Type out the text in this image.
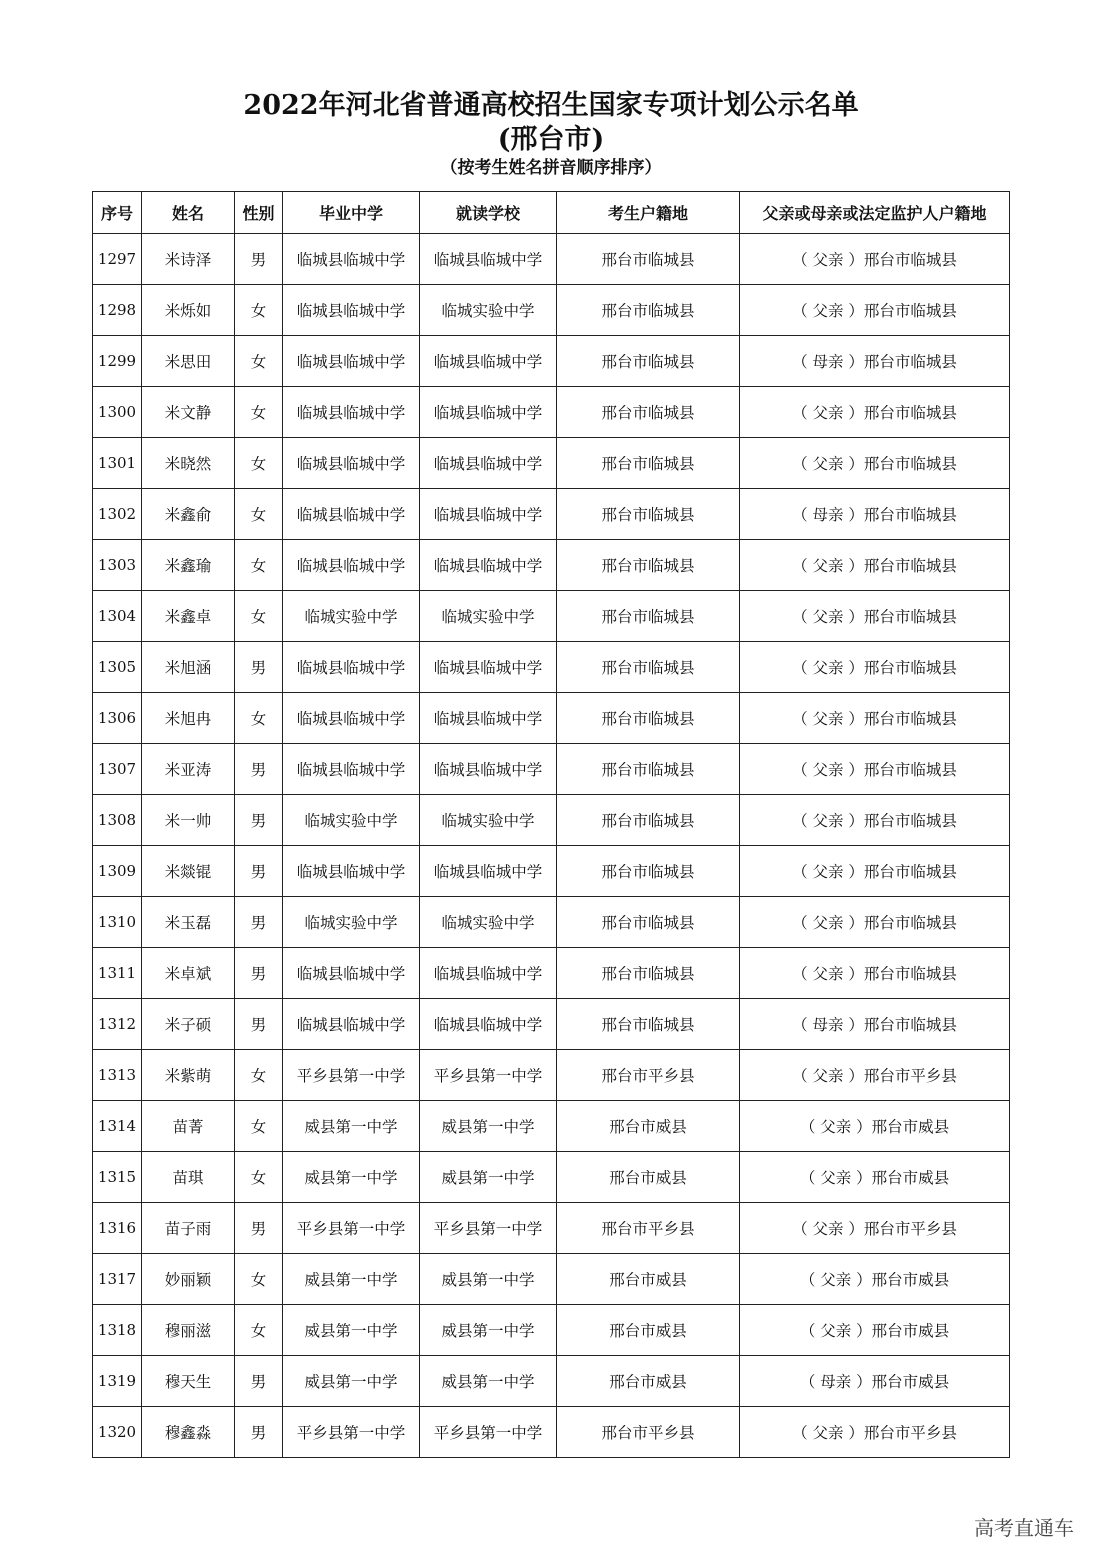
2022年河北省普通高校招生国家专项计划公示名单
(邢台市)
（按考生姓名拼音顺序排序）
序号	姓名	性别	毕业中学	就读学校	考生户籍地	父亲或母亲或法定监护人户籍地
1297	米诗泽	男	临城县临城中学	临城县临城中学	邢台市临城县	（ 父亲 ）邢台市临城县
1298	米烁如	女	临城县临城中学	临城实验中学	邢台市临城县	（ 父亲 ）邢台市临城县
1299	米思田	女	临城县临城中学	临城县临城中学	邢台市临城县	（ 母亲 ）邢台市临城县
1300	米文静	女	临城县临城中学	临城县临城中学	邢台市临城县	（ 父亲 ）邢台市临城县
1301	米晓然	女	临城县临城中学	临城县临城中学	邢台市临城县	（ 父亲 ）邢台市临城县
1302	米鑫俞	女	临城县临城中学	临城县临城中学	邢台市临城县	（ 母亲 ）邢台市临城县
1303	米鑫瑜	女	临城县临城中学	临城县临城中学	邢台市临城县	（ 父亲 ）邢台市临城县
1304	米鑫卓	女	临城实验中学	临城实验中学	邢台市临城县	（ 父亲 ）邢台市临城县
1305	米旭涵	男	临城县临城中学	临城县临城中学	邢台市临城县	（ 父亲 ）邢台市临城县
1306	米旭冉	女	临城县临城中学	临城县临城中学	邢台市临城县	（ 父亲 ）邢台市临城县
1307	米亚涛	男	临城县临城中学	临城县临城中学	邢台市临城县	（ 父亲 ）邢台市临城县
1308	米一帅	男	临城实验中学	临城实验中学	邢台市临城县	（ 父亲 ）邢台市临城县
1309	米燚锟	男	临城县临城中学	临城县临城中学	邢台市临城县	（ 父亲 ）邢台市临城县
1310	米玉磊	男	临城实验中学	临城实验中学	邢台市临城县	（ 父亲 ）邢台市临城县
1311	米卓斌	男	临城县临城中学	临城县临城中学	邢台市临城县	（ 父亲 ）邢台市临城县
1312	米子硕	男	临城县临城中学	临城县临城中学	邢台市临城县	（ 母亲 ）邢台市临城县
1313	米紫萌	女	平乡县第一中学	平乡县第一中学	邢台市平乡县	（ 父亲 ）邢台市平乡县
1314	苗菁	女	威县第一中学	威县第一中学	邢台市威县	（ 父亲 ）邢台市威县
1315	苗琪	女	威县第一中学	威县第一中学	邢台市威县	（ 父亲 ）邢台市威县
1316	苗子雨	男	平乡县第一中学	平乡县第一中学	邢台市平乡县	（ 父亲 ）邢台市平乡县
1317	妙丽颖	女	威县第一中学	威县第一中学	邢台市威县	（ 父亲 ）邢台市威县
1318	穆丽滋	女	威县第一中学	威县第一中学	邢台市威县	（ 父亲 ）邢台市威县
1319	穆天生	男	威县第一中学	威县第一中学	邢台市威县	（ 母亲 ）邢台市威县
1320	穆鑫淼	男	平乡县第一中学	平乡县第一中学	邢台市平乡县	（ 父亲 ）邢台市平乡县
高考直通车
